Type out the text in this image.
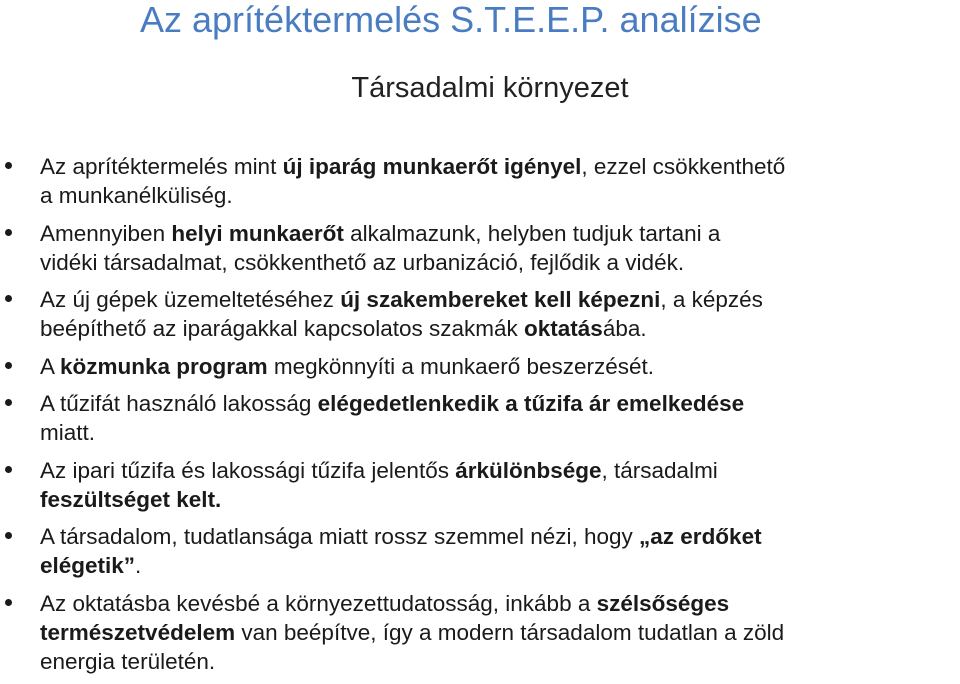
Az aprítéktermelés S.T.E.E.P. analízise
Társadalmi környezet
Az aprítéktermelés mint új iparág munkaerőt igényel, ezzel csökkenthető
a munkanélküliség.
Amennyiben helyi munkaerőt alkalmazunk, helyben tudjuk tartani a
vidéki társadalmat, csökkenthető az urbanizáció, fejlődik a vidék.
Az új gépek üzemeltetéséhez új szakembereket kell képezni, a képzés
beépíthető az iparágakkal kapcsolatos szakmák oktatásába.
A közmunka program megkönnyíti a munkaerő beszerzését.
A tűzifát használó lakosság elégedetlenkedik a tűzifa ár emelkedése
miatt.
Az ipari tűzifa és lakossági tűzifa jelentős árkülönbsége, társadalmi
feszültséget kelt.
A társadalom, tudatlansága miatt rossz szemmel nézi, hogy „az erdőket
elégetik”.
Az oktatásba kevésbé a környezettudatosság, inkább a szélsőséges
természetvédelem van beépítve, így a modern társadalom tudatlan a zöld
energia területén.
